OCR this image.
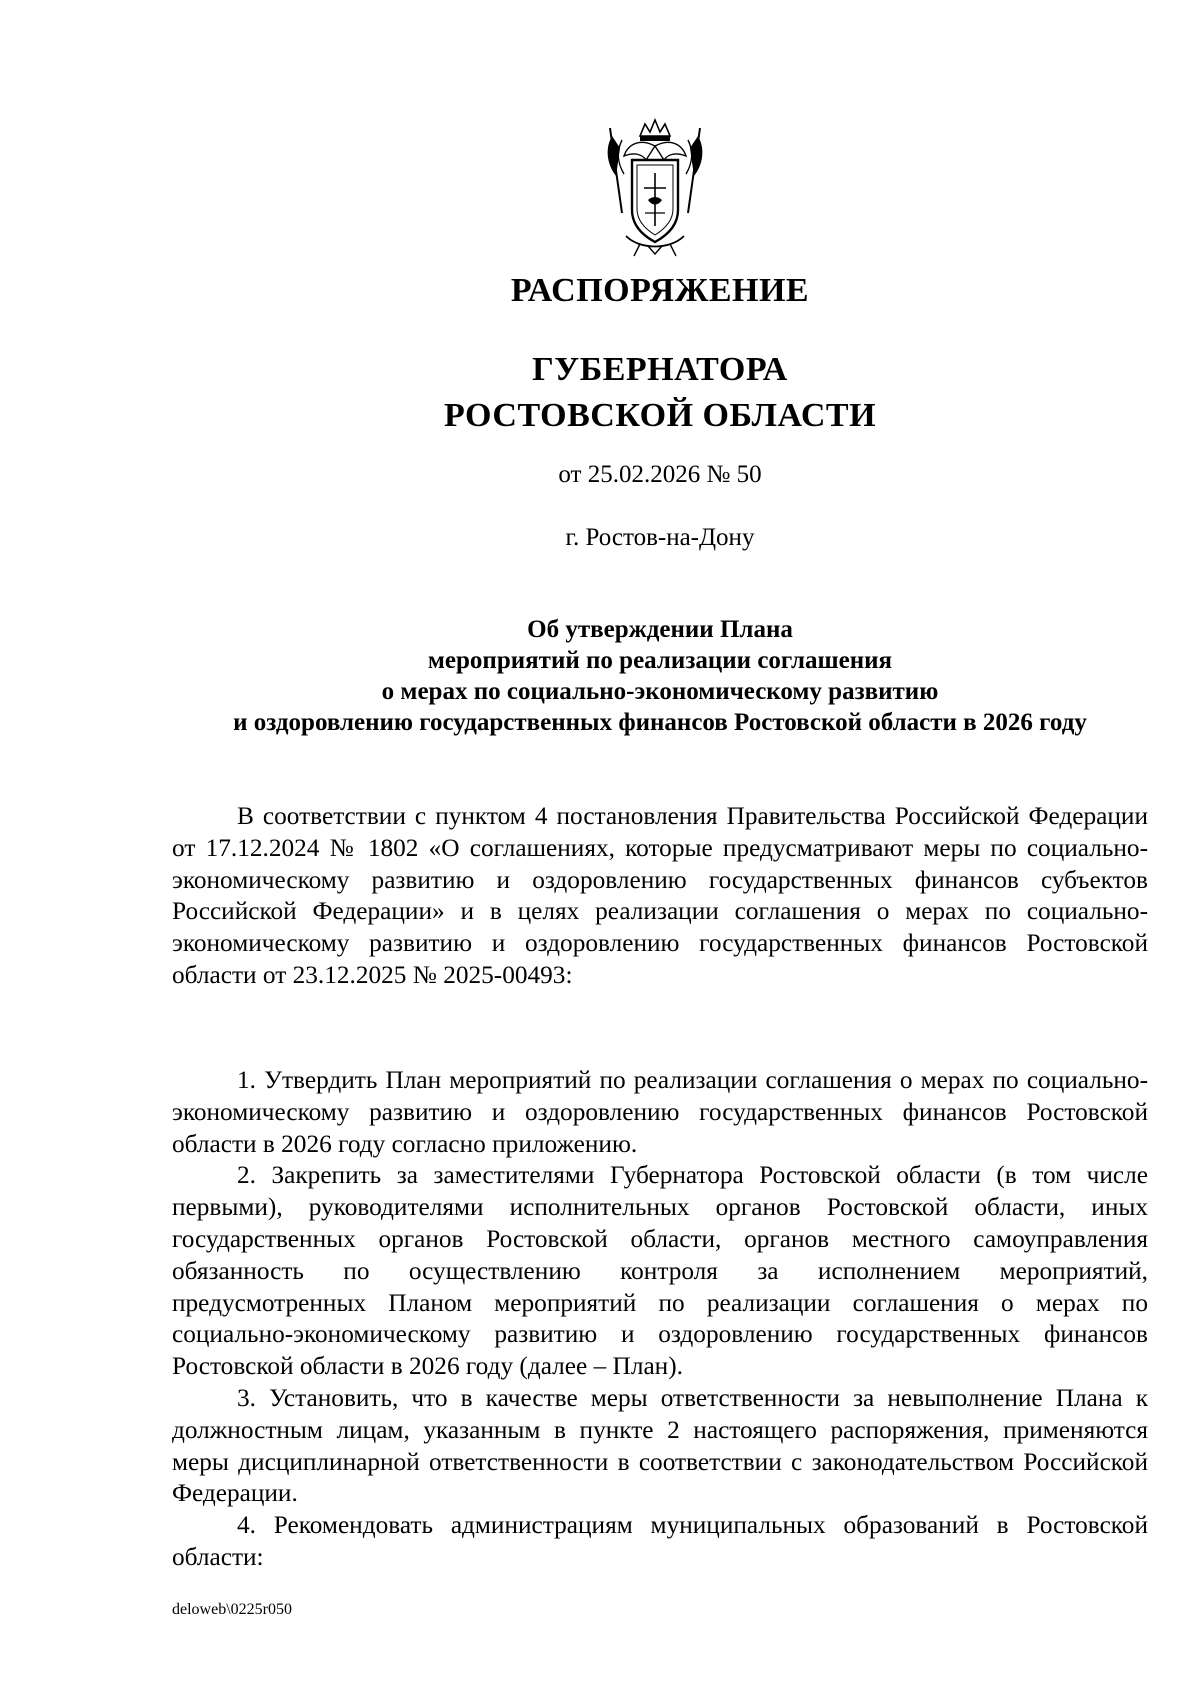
РАСПОРЯЖЕНИЕ
ГУБЕРНАТОРА
РОСТОВСКОЙ ОБЛАСТИ
от 25.02.2026 № 50
г. Ростов-на-Дону
Об утверждении Плана
мероприятий по реализации соглашения
о мерах по социально-экономическому развитию
и оздоровлению государственных финансов Ростовской области в 2026 году

В соответствии с пунктом 4 постановления Правительства Российской Федерации от 17.12.2024 № 1802 «О соглашениях, которые предусматривают меры по социально-экономическому развитию и оздоровлению государственных финансов субъектов Российской Федерации» и в целях реализации соглашения о мерах по социально-экономическому развитию и оздоровлению государственных финансов Ростовской области от 23.12.2025 № 2025-00493:

1. Утвердить План мероприятий по реализации соглашения о мерах по социально-экономическому развитию и оздоровлению государственных финансов Ростовской области в 2026 году согласно приложению.

2. Закрепить за заместителями Губернатора Ростовской области (в том числе первыми), руководителями исполнительных органов Ростовской области, иных государственных органов Ростовской области, органов местного самоуправления обязанность по осуществлению контроля за исполнением мероприятий, предусмотренных Планом мероприятий по реализации соглашения о мерах по социально-экономическому развитию и оздоровлению государственных финансов Ростовской области в 2026 году (далее – План).

3. Установить, что в качестве меры ответственности за невыполнение Плана к должностным лицам, указанным в пункте 2 настоящего распоряжения, применяются меры дисциплинарной ответственности в соответствии с законодательством Российской Федерации.

4. Рекомендовать администрациям муниципальных образований в Ростовской области:

deloweb\0225r050
